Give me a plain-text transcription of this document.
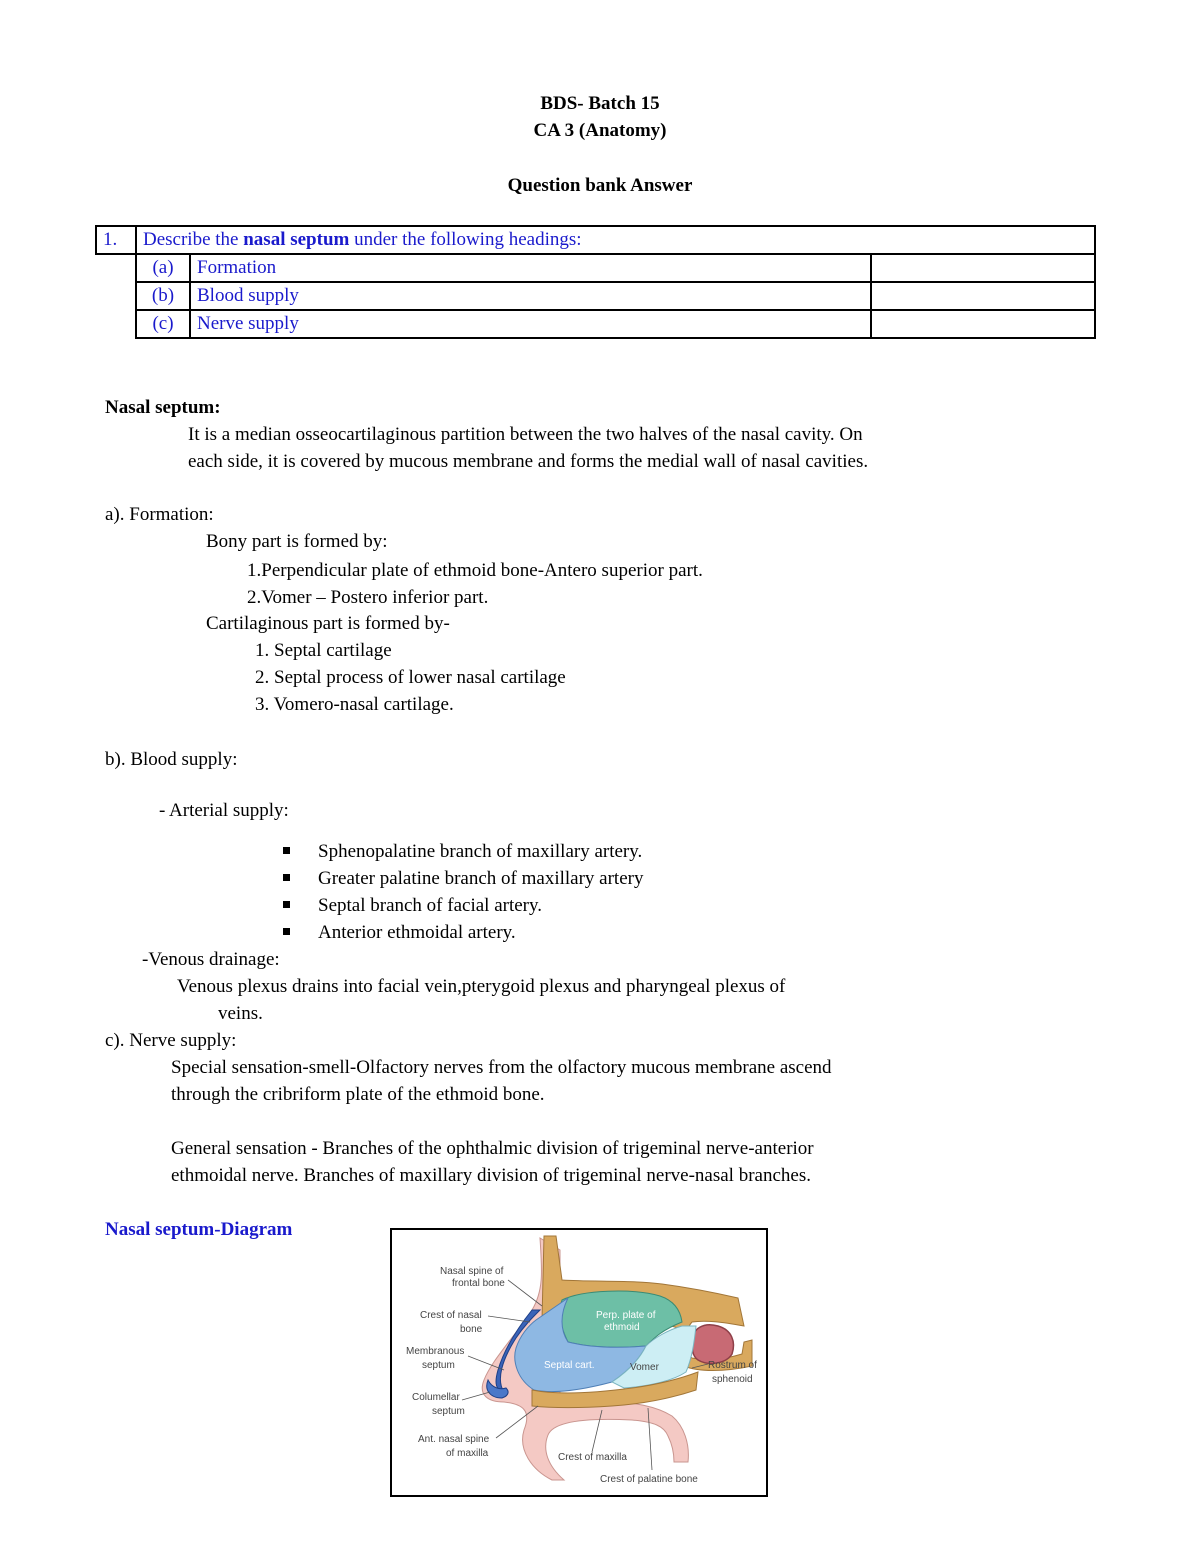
BDS- Batch 15
CA 3 (Anatomy)
Question bank Answer
1.	Describe the nasal septum under the following headings:		
	(a)	Formation	
	(b)	Blood supply	
	(c)	Nerve supply	
Nasal septum:
It is a median osseocartilaginous partition between the two halves of the nasal cavity. On
each side, it is covered by mucous membrane and forms the medial wall of nasal cavities.
a). Formation:
Bony part is formed by:
1.Perpendicular plate of ethmoid bone-Antero superior part.
2.Vomer – Postero inferior part.
Cartilaginous part is formed by-
1. Septal cartilage
2. Septal process of lower nasal cartilage
3. Vomero-nasal cartilage.
b). Blood supply:
- Arterial supply:
Sphenopalatine branch of maxillary artery.
Greater palatine branch of maxillary artery
Septal branch of facial artery.
Anterior ethmoidal artery.
-Venous drainage:
Venous plexus drains into facial vein,pterygoid plexus and pharyngeal plexus of
veins.
c). Nerve supply:
Special sensation-smell-Olfactory nerves from the olfactory mucous membrane ascend
through the cribriform plate of the ethmoid bone.
General sensation - Branches of the ophthalmic division of trigeminal nerve-anterior
ethmoidal nerve. Branches of maxillary division of trigeminal nerve-nasal branches.
Nasal septum-Diagram
Nasal spine of
frontal bone
Crest of nasal
bone
Membranous
septum
Columellar
septum
Ant. nasal spine
of maxilla
Perp. plate of
ethmoid
Septal cart.	Vomer	Rostrum of
sphenoid
Crest of maxilla
Crest of palatine bone
